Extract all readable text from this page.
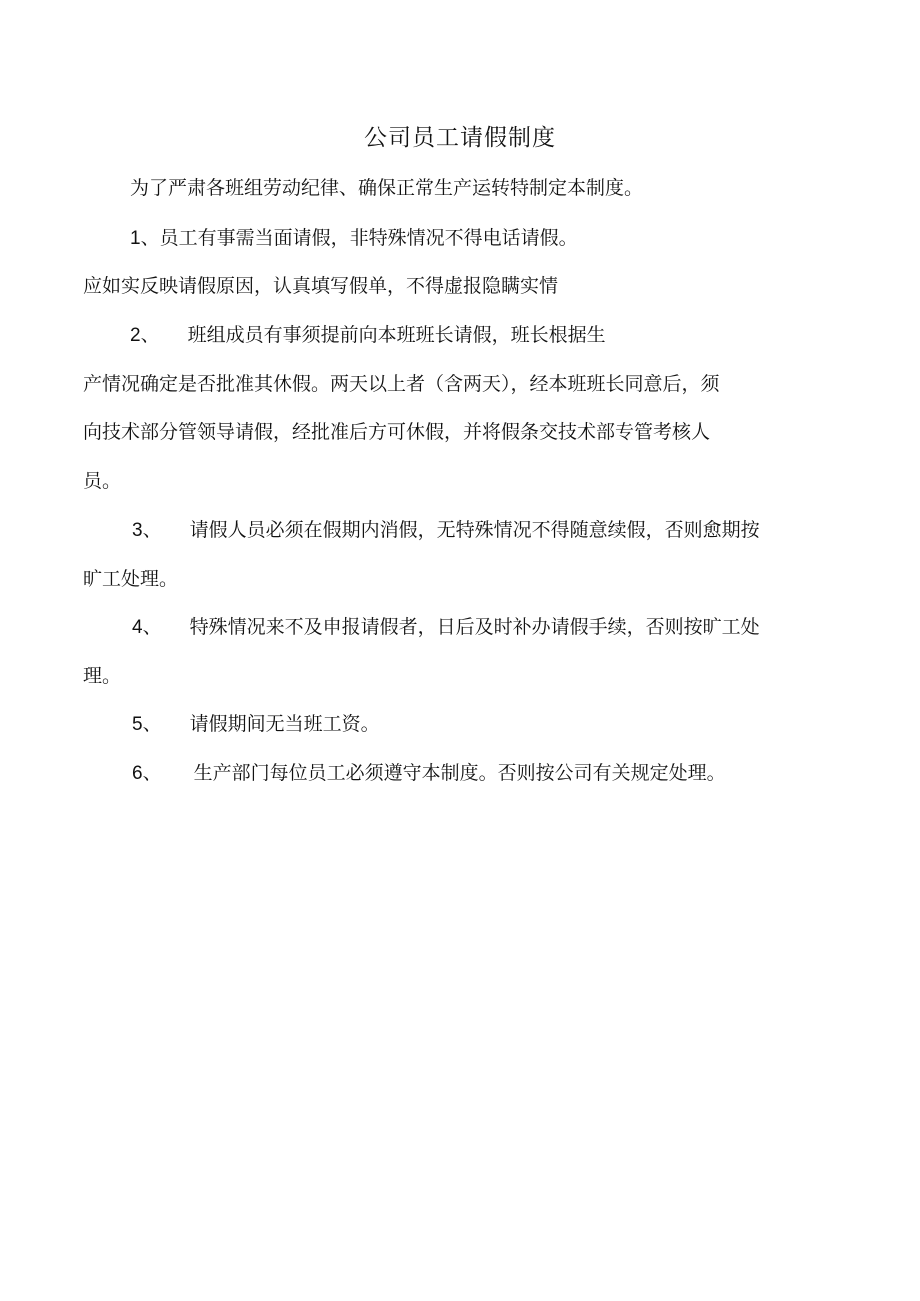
公司员工请假制度
为了严肃各班组劳动纪律、确保正常生产运转特制定本制度。
1、员工有事需当面请假，非特殊情况不得电话请假。
应如实反映请假原因，认真填写假单，不得虚报隐瞒实情
2、 班组成员有事须提前向本班班长请假，班长根据生
产情况确定是否批准其休假。两天以上者（含两天），经本班班长同意后，须
向技术部分管领导请假，经批准后方可休假，并将假条交技术部专管考核人
员。
3、 请假人员必须在假期内消假，无特殊情况不得随意续假，否则愈期按
旷工处理。
4、 特殊情况来不及申报请假者，日后及时补办请假手续，否则按旷工处
理。
5、 请假期间无当班工资。
6、 生产部门每位员工必须遵守本制度。否则按公司有关规定处理。
